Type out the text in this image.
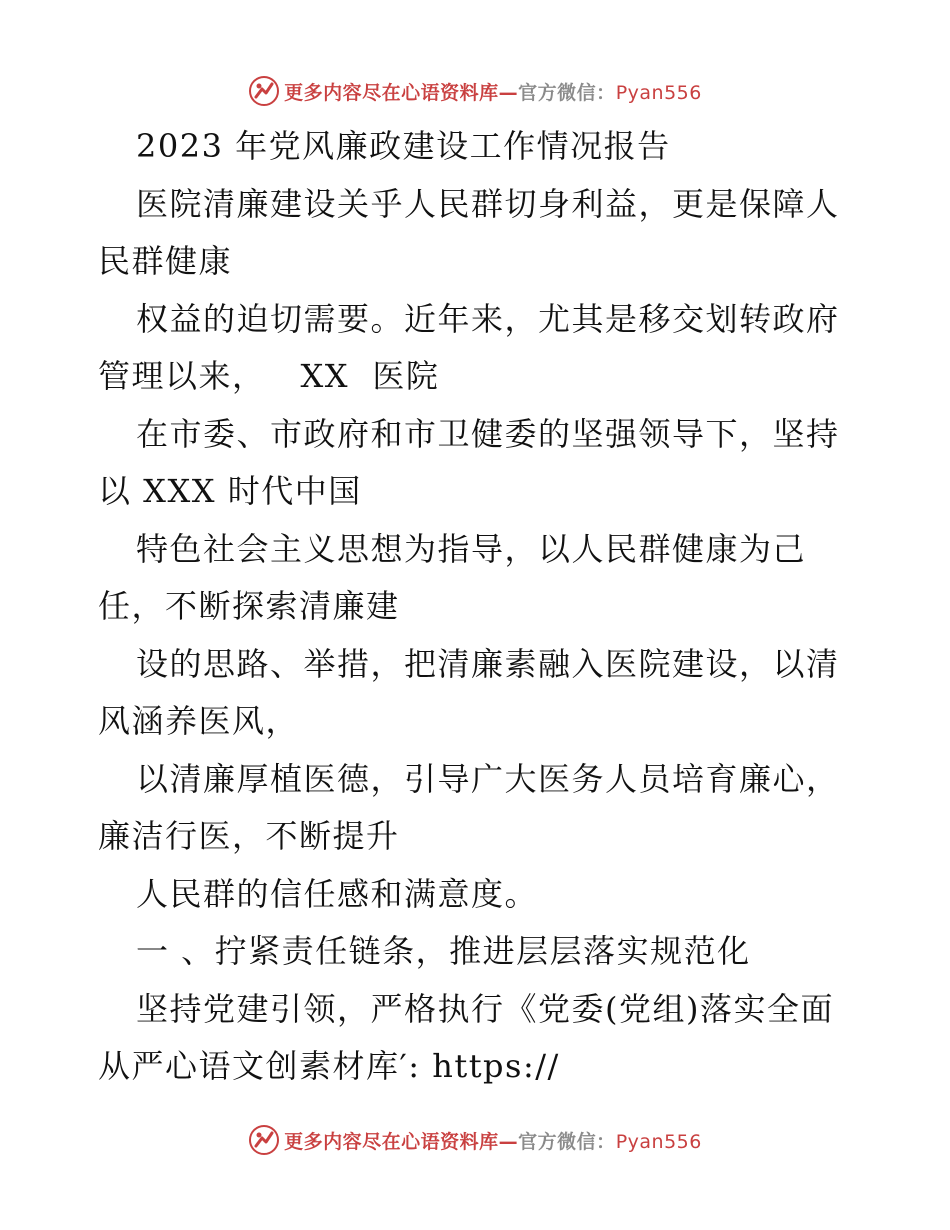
更多内容尽在心语资料库—官方微信：Pyan556
2023 年党风廉政建设工作情况报告
医院清廉建设关乎人民群切身利益，更是保障人
民群健康
权益的迫切需要。近年来，尤其是移交划转政府
管理以来，   XX  医院
在市委、市政府和市卫健委的坚强领导下，坚持
以 XXX 时代中国
特色社会主义思想为指导，以人民群健康为己
任，不断探索清廉建
设的思路、举措，把清廉素融入医院建设，以清
风涵养医风，
以清廉厚植医德，引导广大医务人员培育廉心，
廉洁行医，不断提升
人民群的信任感和满意度。
一 、拧紧责任链条，推进层层落实规范化
坚持党建引领，严格执行《党委(党组)落实全面
从严心语文创素材库′: https://
更多内容尽在心语资料库—官方微信：Pyan556
